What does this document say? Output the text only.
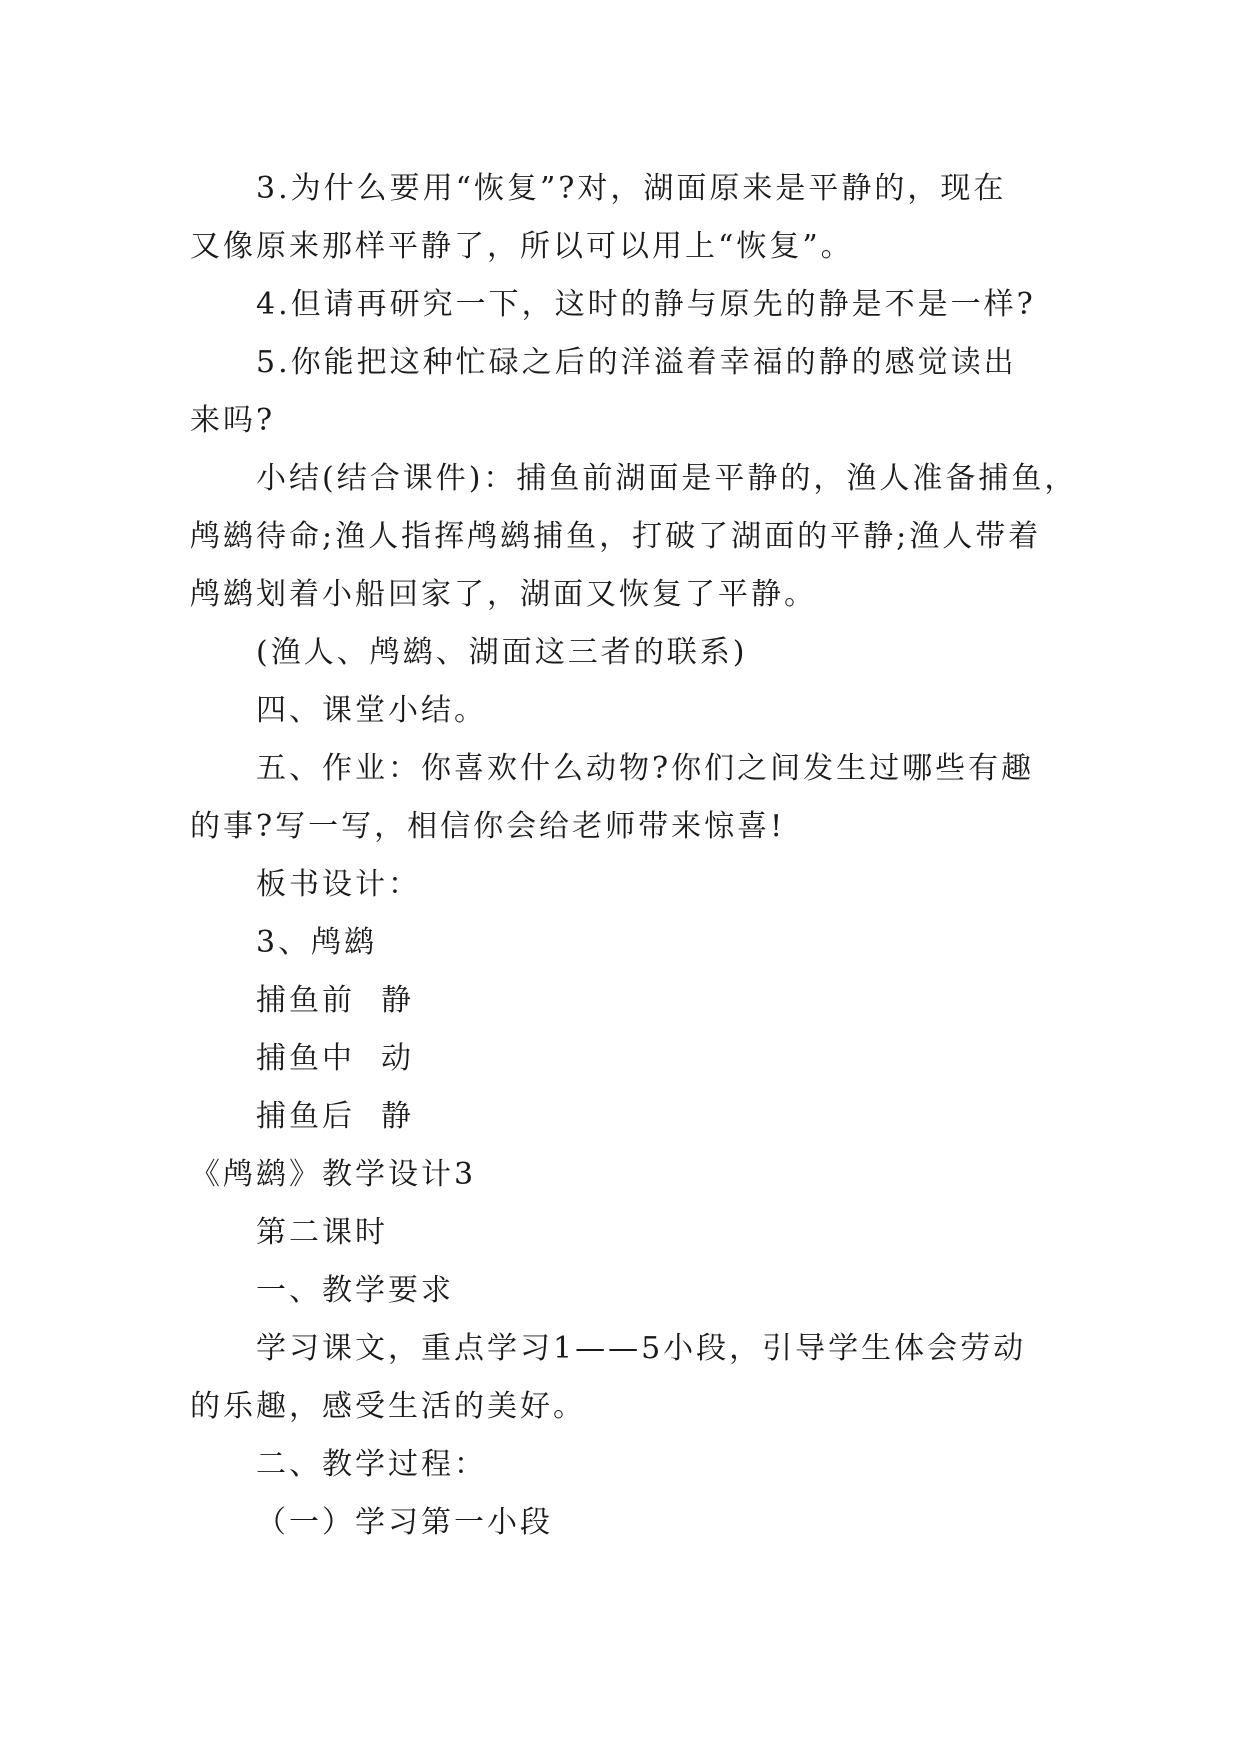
3.为什么要用“恢复”?对，湖面原来是平静的，现在

又像原来那样平静了，所以可以用上“恢复”。

4.但请再研究一下，这时的静与原先的静是不是一样?

5.你能把这种忙碌之后的洋溢着幸福的静的感觉读出

来吗?

小结(结合课件)：捕鱼前湖面是平静的，渔人准备捕鱼，

鸬鹚待命;渔人指挥鸬鹚捕鱼，打破了湖面的平静;渔人带着

鸬鹚划着小船回家了，湖面又恢复了平静。

(渔人、鸬鹚、湖面这三者的联系)

四、课堂小结。

五、作业：你喜欢什么动物?你们之间发生过哪些有趣

的事?写一写，相信你会给老师带来惊喜!

板书设计：

3、鸬鹚

捕鱼前 静

捕鱼中 动

捕鱼后 静

《鸬鹚》教学设计3

第二课时

一、教学要求

学习课文，重点学习1——5小段，引导学生体会劳动

的乐趣，感受生活的美好。

二、教学过程：

（一）学习第一小段
